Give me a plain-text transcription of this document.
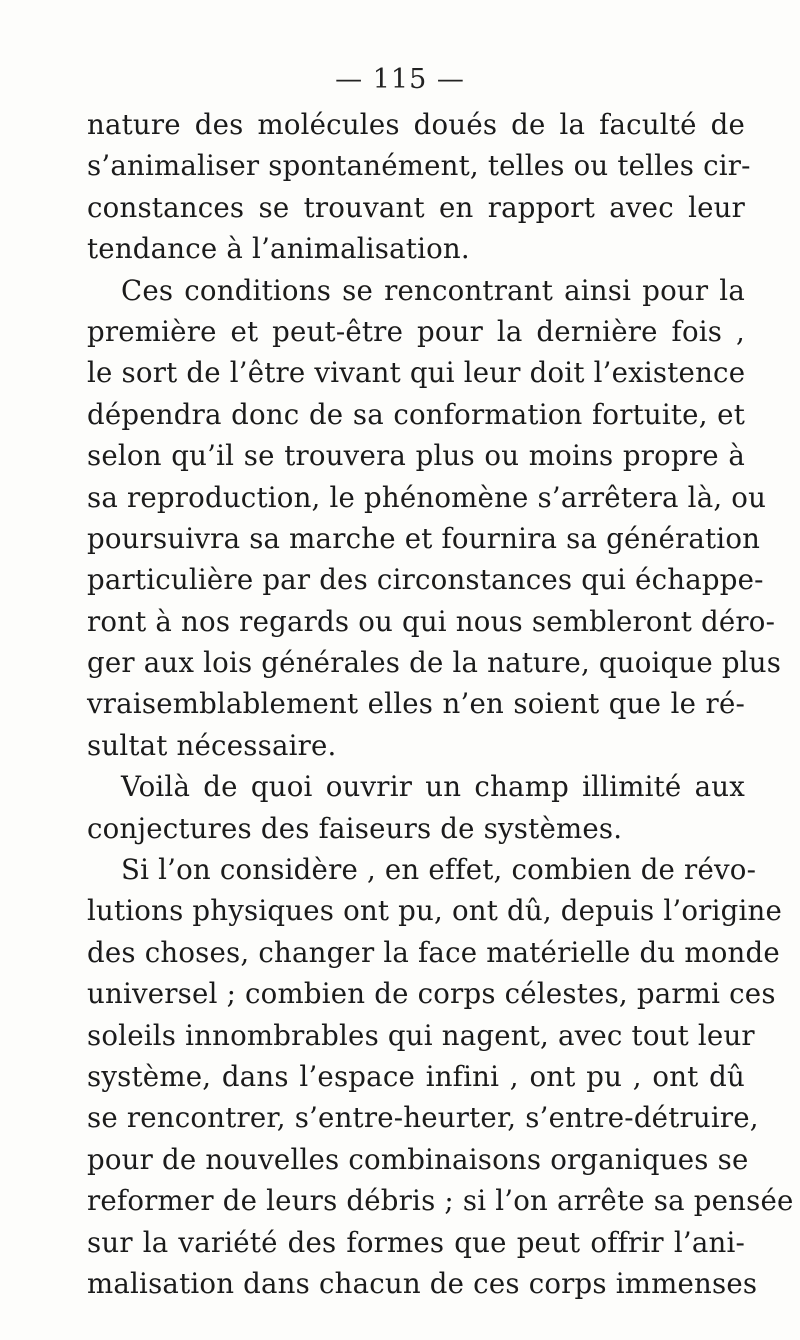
— 115 —
nature des molécules doués de la faculté de
s’animaliser spontanément, telles ou telles cir-
constances se trouvant en rapport avec leur
tendance à l’animalisation.
Ces conditions se rencontrant ainsi pour la
première et peut-être pour la dernière fois ,
le sort de l’être vivant qui leur doit l’existence
dépendra donc de sa conformation fortuite, et
selon qu’il se trouvera plus ou moins propre à
sa reproduction, le phénomène s’arrêtera là, ou
poursuivra sa marche et fournira sa génération
particulière par des circonstances qui échappe-
ront à nos regards ou qui nous sembleront déro-
ger aux lois générales de la nature, quoique plus
vraisemblablement elles n’en soient que le ré-
sultat nécessaire.
Voilà de quoi ouvrir un champ illimité aux
conjectures des faiseurs de systèmes.
Si l’on considère , en effet, combien de révo-
lutions physiques ont pu, ont dû, depuis l’origine
des choses, changer la face matérielle du monde
universel ; combien de corps célestes, parmi ces
soleils innombrables qui nagent, avec tout leur
système, dans l’espace infini , ont pu , ont dû
se rencontrer, s’entre-heurter, s’entre-détruire,
pour de nouvelles combinaisons organiques se
reformer de leurs débris ; si l’on arrête sa pensée
sur la variété des formes que peut offrir l’ani-
malisation dans chacun de ces corps immenses
